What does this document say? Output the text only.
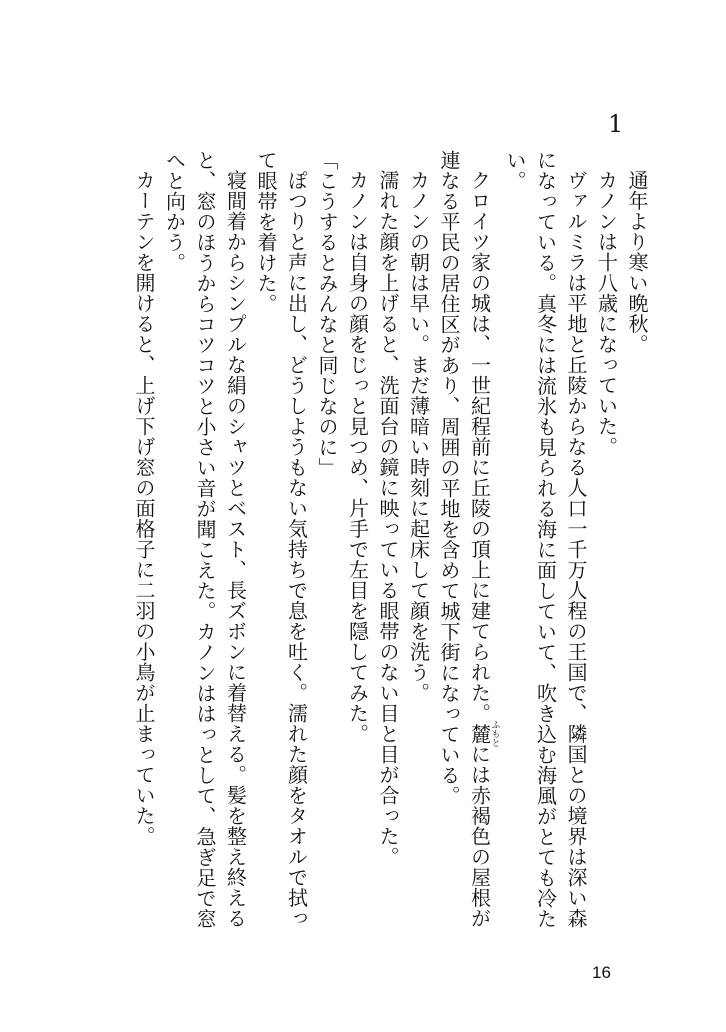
1

通年より寒い晩秋。

カノンは十八歳になっていた。

ヴァルミラは平地と丘陵からなる人口一千万人程の王国で、隣国との境界は深い森になっている。真冬には流氷も見られる海に面していて、吹き込む海風がとても冷たい。

クロイツ家の城は、一世紀程前に丘陵の頂上に建てられた。麓ふもとには赤褐色の屋根が連なる平民の居住区があり、周囲の平地を含めて城下街になっている。

カノンの朝は早い。まだ薄暗い時刻に起床して顔を洗う。

濡れた顔を上げると、洗面台の鏡に映っている眼帯のない目と目が合った。

カノンは自身の顔をじっと見つめ、片手で左目を隠してみた。

「こうするとみんなと同じなのに」

ぽつりと声に出し、どうしようもない気持ちで息を吐く。濡れた顔をタオルで拭って眼帯を着けた。

寝間着からシンプルな絹のシャツとベスト、長ズボンに着替える。髪を整え終えると、窓のほうからコツコツと小さい音が聞こえた。カノンははっとして、急ぎ足で窓へと向かう。

カーテンを開けると、上げ下げ窓の面格子に二羽の小鳥が止まっていた。

16
